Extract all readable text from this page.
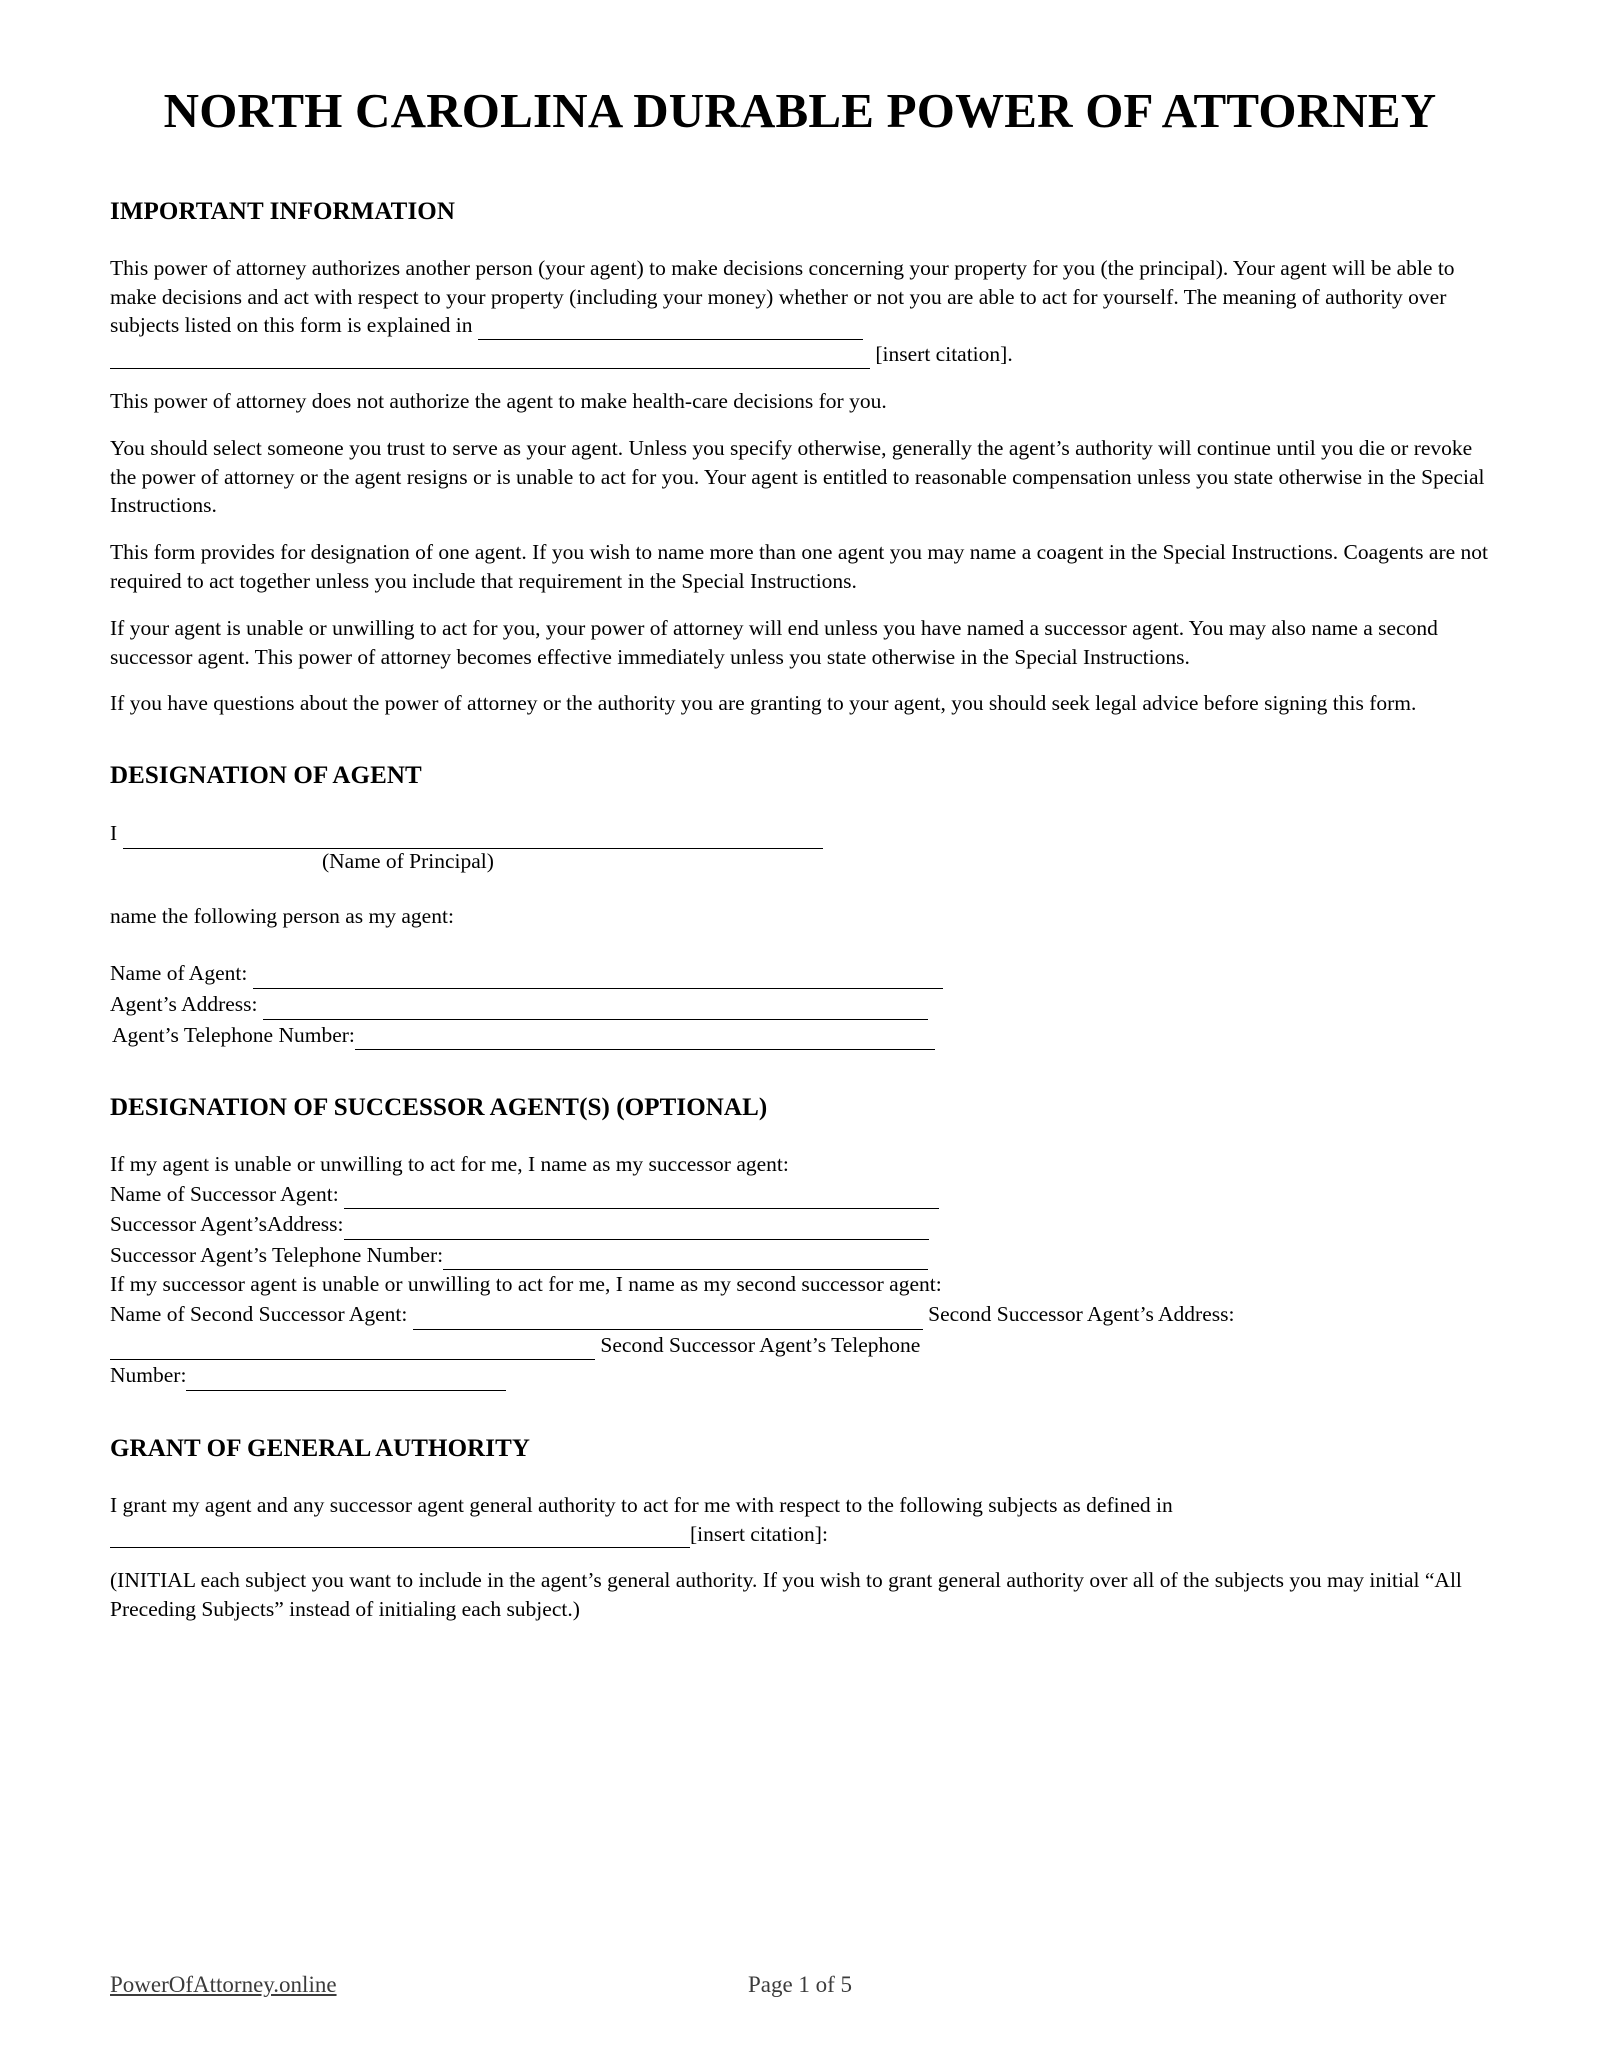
NORTH CAROLINA DURABLE POWER OF ATTORNEY
IMPORTANT INFORMATION

This power of attorney authorizes another person (your agent) to make decisions concerning your property for you (the principal). Your agent will be able to make decisions and act with respect to your property (including your money) whether or not you are able to act for yourself. The meaning of authority over subjects listed on this form is explained in
[insert citation].

This power of attorney does not authorize the agent to make health-care decisions for you.

You should select someone you trust to serve as your agent. Unless you specify otherwise, generally the agent’s authority will continue until you die or revoke the power of attorney or the agent resigns or is unable to act for you. Your agent is entitled to reasonable compensation unless you state otherwise in the Special Instructions.

This form provides for designation of one agent. If you wish to name more than one agent you may name a coagent in the Special Instructions. Coagents are not required to act together unless you include that requirement in the Special Instructions.

If your agent is unable or unwilling to act for you, your power of attorney will end unless you have named a successor agent. You may also name a second successor agent. This power of attorney becomes effective immediately unless you state otherwise in the Special Instructions.

If you have questions about the power of attorney or the authority you are granting to your agent, you should seek legal advice before signing this form.

DESIGNATION OF AGENT
I
(Name of Principal)

name the following person as my agent:

Name of Agent:
Agent’s Address:
Agent’s Telephone Number:
DESIGNATION OF SUCCESSOR AGENT(S) (OPTIONAL)

If my agent is unable or unwilling to act for me, I name as my successor agent:

Name of Successor Agent:
Successor Agent’sAddress:
Successor Agent’s Telephone Number:

If my successor agent is unable or unwilling to act for me, I name as my second successor agent:

Name of Second Successor Agent:	Second Successor Agent’s Address:
Second Successor Agent’s Telephone
Number:
GRANT OF GENERAL AUTHORITY

I grant my agent and any successor agent general authority to act for me with respect to the following subjects as defined in
[insert citation]:

(INITIAL each subject you want to include in the agent’s general authority. If you wish to grant general authority over all of the subjects you may initial “All Preceding Subjects” instead of initialing each subject.)

PowerOfAttorney.online	Page 1 of 5
